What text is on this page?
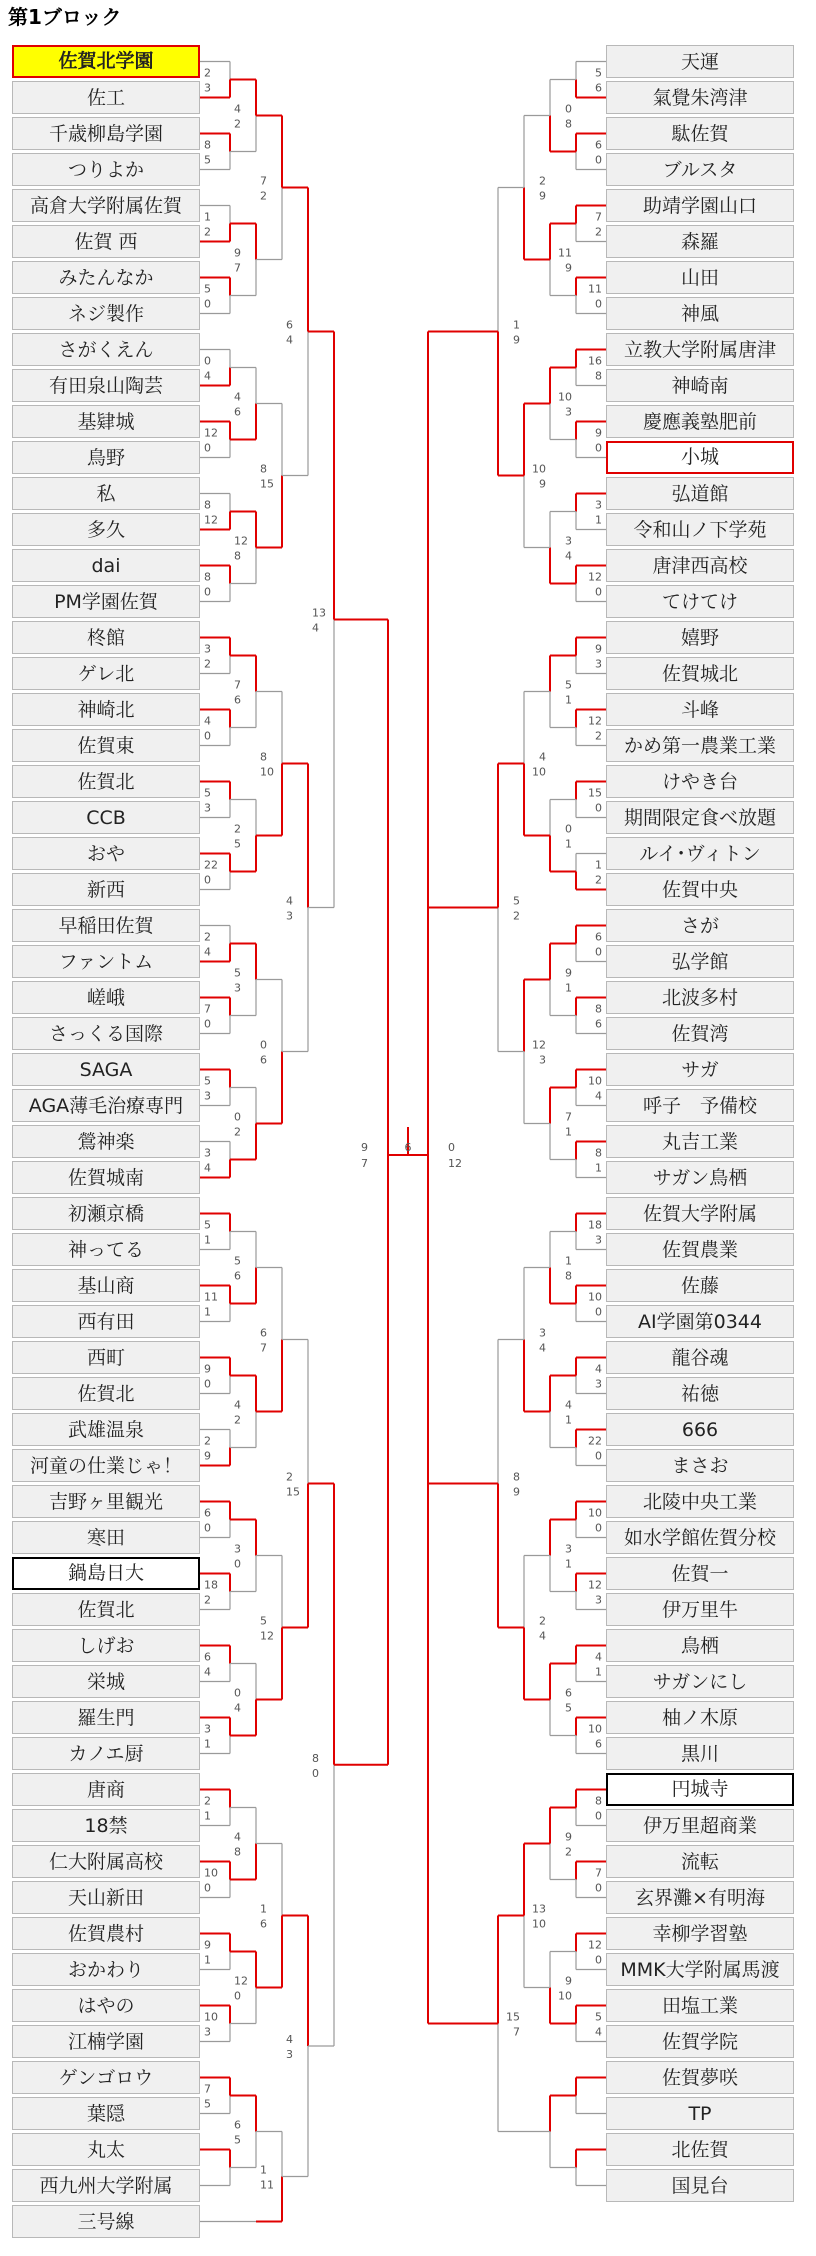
第1ブロック
2
3
8
5
1
2
5
0
0
4
12
0
8
12
8
0
3
2
4
0
5
3
22
0
2
4
7
0
5
3
3
4
5
1
11
1
9
0
2
9
6
0
18
2
6
4
3
1
2
1
10
0
9
1
10
3
7
5
4
2
9
7
4
6
12
8
7
6
2
5
5
3
0
2
5
6
4
2
3
0
0
4
4
8
12
0
6
5
7
2
8
15
8
10
0
6
6
7
5
12
1
6
1
11
6
4
4
3
2
15
4
3
13
4
8
0
5
6
6
0
7
2
11
0
16
8
9
0
3
1
12
0
9
3
12
2
15
0
1
2
6
0
8
6
10
4
8
1
18
3
10
0
4
3
22
0
10
0
12
3
4
1
10
6
8
0
7
0
12
0
5
4
0
8
11
9
10
3
3
4
5
1
0
1
9
1
7
1
1
8
4
1
3
1
6
5
9
2
9
10
2
9
10
9
4
10
12
3
3
4
2
4
13
10
1
9
5
2
8
9
15
7
9
7
6	0
12
佐賀北学園
佐工
千歳柳島学園
つりよか
高倉大学附属佐賀
佐賀 西
みたんなか
ネジ製作
さがくえん
有田泉山陶芸
基肄城
鳥野
私
多久
dai
PM学園佐賀
柊館
ゲレ北
神崎北
佐賀東
佐賀北
CCB
おや
新西
早稲田佐賀
ファントム
嵯峨
さっくる国際
SAGA
AGA薄毛治療専門
鶯神楽
佐賀城南
初瀬京橋
神ってる
基山商
西有田
西町
佐賀北
武雄温泉
河童の仕業じゃ！
吉野ヶ里観光
寒田
鍋島日大
佐賀北
しげお
栄城
羅生門
カノエ厨
唐商
18禁
仁大附属高校
天山新田
佐賀農村
おかわり
はやの
江楠学園
ゲンゴロウ
葉隠
丸太
西九州大学附属
三号線
天運
氣覺朱湾津
駄佐賀
ブルスタ
助靖学園山口
森羅
山田
神風
立教大学附属唐津
神崎南
慶應義塾肥前
小城
弘道館
令和山ノ下学苑
唐津西高校
てけてけ
嬉野
佐賀城北
斗峰
かめ第一農業工業
けやき台
期間限定食べ放題
ルイ･ヴィトン
佐賀中央
さが
弘学館
北波多村
佐賀湾
サガ
呼子　予備校
丸吉工業
サガン鳥栖
佐賀大学附属
佐賀農業
佐藤
AI学園第0344
龍谷魂
祐徳
666
まさお
北陵中央工業
如水学館佐賀分校
佐賀一
伊万里牛
鳥栖
サガンにし
柚ノ木原
黒川
円城寺
伊万里超商業
流転
玄界灘×有明海
幸柳学習塾
MMK大学附属馬渡
田塩工業
佐賀学院
佐賀夢咲
TP
北佐賀
国見台
